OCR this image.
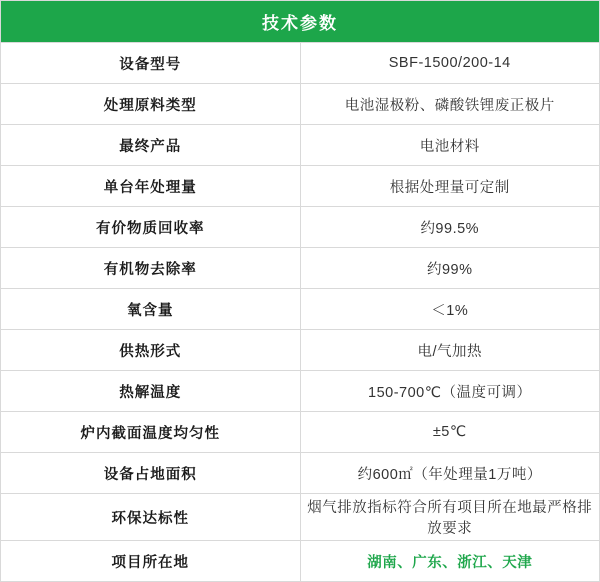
技术参数	
设备型号	SBF-1500/200-14
处理原料类型	电池湿极粉、磷酸铁锂废正极片
最终产品	电池材料
单台年处理量	根据处理量可定制
有价物质回收率	约99.5%
有机物去除率	约99%
氧含量	＜1%
供热形式	电/气加热
热解温度	150-700℃（温度可调）
炉内截面温度均匀性	±5℃
设备占地面积	约600㎡（年处理量1万吨）
环保达标性	烟气排放指标符合所有项目所在地最严格排放要求
项目所在地	湖南、广东、浙江、天津
